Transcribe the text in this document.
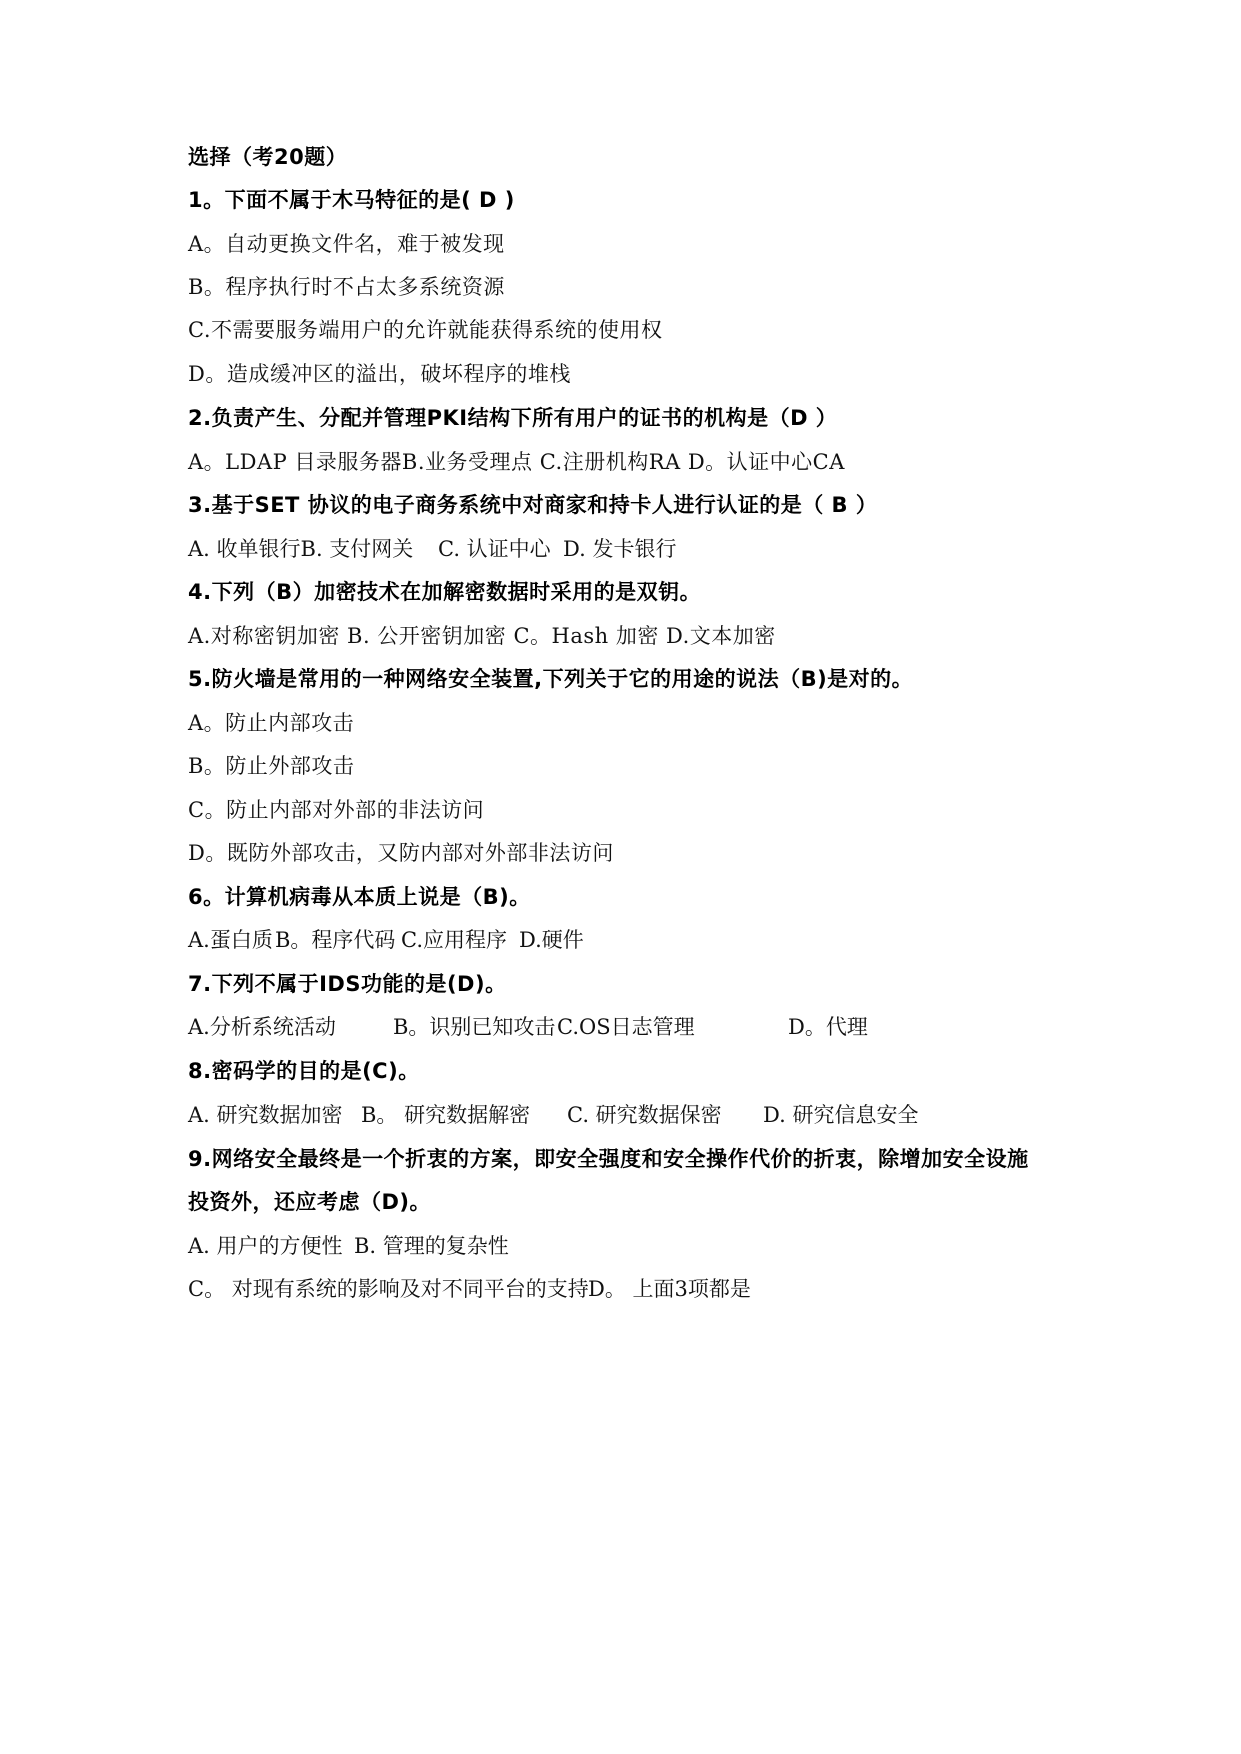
选择（考20题）
1。下面不属于木马特征的是( D )
A。自动更换文件名，难于被发现
B。程序执行时不占太多系统资源
C.不需要服务端用户的允许就能获得系统的使用权
D。造成缓冲区的溢出，破坏程序的堆栈
2.负责产生、分配并管理PKI结构下所有用户的证书的机构是（D ）
A。LDAP 目录服务器B.业务受理点 C.注册机构RA D。认证中心CA
3.基于SET 协议的电子商务系统中对商家和持卡人进行认证的是（ B ）
A. 收单银行B. 支付网关 C. 认证中心 D. 发卡银行
4.下列（B）加密技术在加解密数据时采用的是双钥。
A.对称密钥加密 B. 公开密钥加密 C。Hash 加密 D.文本加密
5.防火墙是常用的一种网络安全装置,下列关于它的用途的说法（B)是对的。
A。防止内部攻击
B。防止外部攻击
C。防止内部对外部的非法访问
D。既防外部攻击，又防内部对外部非法访问
6。计算机病毒从本质上说是（B)。
A.蛋白质 B。程序代码 C.应用程序 D.硬件
7.下列不属于IDS功能的是(D)。
A.分析系统活动	B。识别已知攻击 C.OS日志管理	D。代理
8.密码学的目的是(C)。
A. 研究数据加密 B。 研究数据解密 C. 研究数据保密 D. 研究信息安全
9.网络安全最终是一个折衷的方案，即安全强度和安全操作代价的折衷，除增加安全设施
投资外，还应考虑（D)。
A. 用户的方便性 B. 管理的复杂性
C。 对现有系统的影响及对不同平台的支持 D。 上面3项都是
